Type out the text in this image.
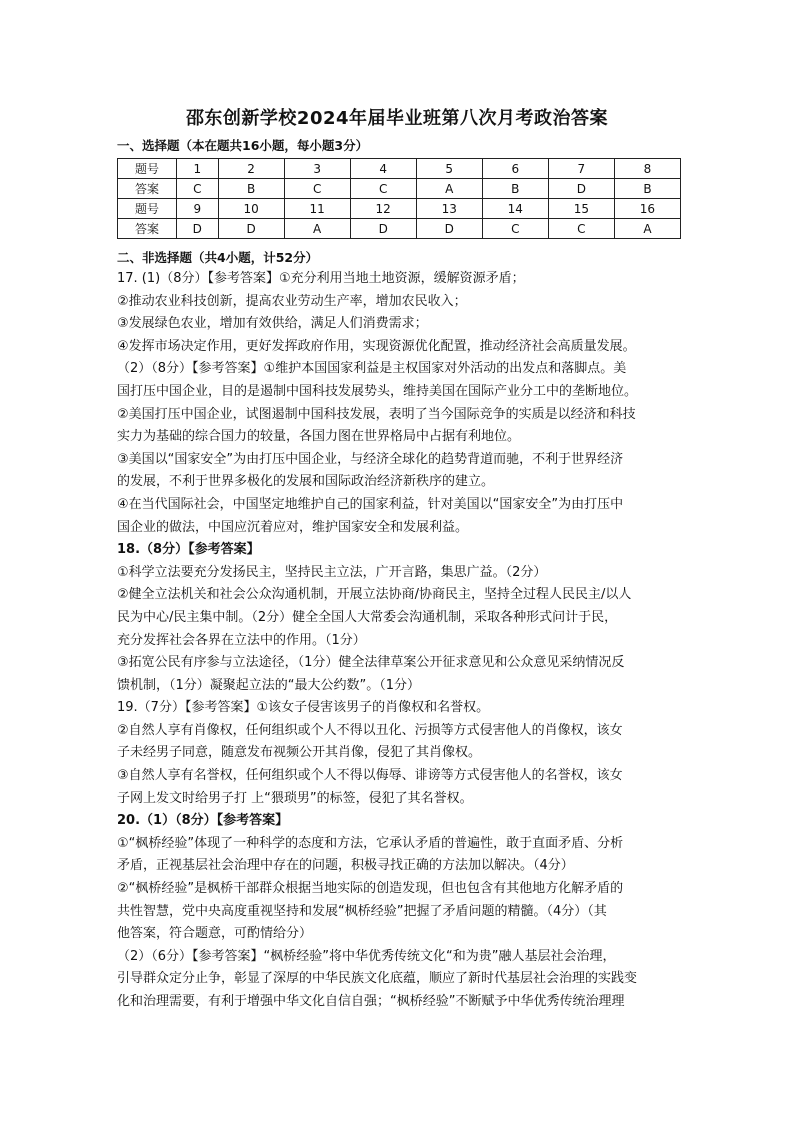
邵东创新学校2024年届毕业班第八次月考政治答案
一、选择题（本在题共16小题，每小题3分）
题号	1	2	3	4	5	6	7	8
答案	C	B	C	C	A	B	D	B
题号	9	10	11	12	13	14	15	16
答案	D	D	A	D	D	C	C	A
二、非选择题（共4小题，计52分）
17. (1)（8分）【参考答案】①充分利用当地土地资源，缓解资源矛盾；
②推动农业科技创新，提高农业劳动生产率，增加农民收入；
③发展绿色农业，增加有效供给，满足人们消费需求；
④发挥市场决定作用，更好发挥政府作用，实现资源优化配置，推动经济社会高质量发展。
（2）（8分）【参考答案】①维护本国国家利益是主权国家对外活动的出发点和落脚点。美
国打压中国企业，目的是遏制中国科技发展势头，维持美国在国际产业分工中的垄断地位。
②美国打压中国企业，试图遏制中国科技发展，表明了当今国际竞争的实质是以经济和科技
实力为基础的综合国力的较量，各国力图在世界格局中占据有利地位。
③美国以“国家安全”为由打压中国企业，与经济全球化的趋势背道而驰，不利于世界经济
的发展，不利于世界多极化的发展和国际政治经济新秩序的建立。
④在当代国际社会，中国坚定地维护自己的国家利益，针对美国以“国家安全”为由打压中
国企业的做法，中国应沉着应对，维护国家安全和发展利益。
18.（8分）【参考答案】
①科学立法要充分发扬民主，坚持民主立法，广开言路，集思广益。（2分）
②健全立法机关和社会公众沟通机制，开展立法协商/协商民主，坚持全过程人民民主/以人
民为中心/民主集中制。（2分）健全全国人大常委会沟通机制，采取各种形式问计于民，
充分发挥社会各界在立法中的作用。（1分）
③拓宽公民有序参与立法途径，（1分）健全法律草案公开征求意见和公众意见采纳情况反
馈机制，（1分）凝聚起立法的“最大公约数”。（1分）
19.（7分）【参考答案】①该女子侵害该男子的肖像权和名誉权。
②自然人享有肖像权，任何组织或个人不得以丑化、污损等方式侵害他人的肖像权，该女
子未经男子同意，随意发布视频公开其肖像，侵犯了其肖像权。
③自然人享有名誉权，任何组织或个人不得以侮辱、诽谤等方式侵害他人的名誉权，该女
子网上发文时给男子打 上“猥琐男”的标签，侵犯了其名誉权。
20.（1）（8分）【参考答案】
①“枫桥经验”体现了一种科学的态度和方法，它承认矛盾的普遍性，敢于直面矛盾、分析
矛盾，正视基层社会治理中存在的问题，积极寻找正确的方法加以解决。（4分）
②“枫桥经验”是枫桥干部群众根据当地实际的创造发现，但也包含有其他地方化解矛盾的
共性智慧，党中央高度重视坚持和发展“枫桥经验”把握了矛盾问题的精髓。（4分）（其
他答案，符合题意，可酌情给分）
（2）（6分）【参考答案】“枫桥经验”将中华优秀传统文化“和为贵”融人基层社会治理，
引导群众定分止争，彰显了深厚的中华民族文化底蕴，顺应了新时代基层社会治理的实践变
化和治理需要，有利于增强中华文化自信自强；“枫桥经验”不断赋予中华优秀传统治理理
